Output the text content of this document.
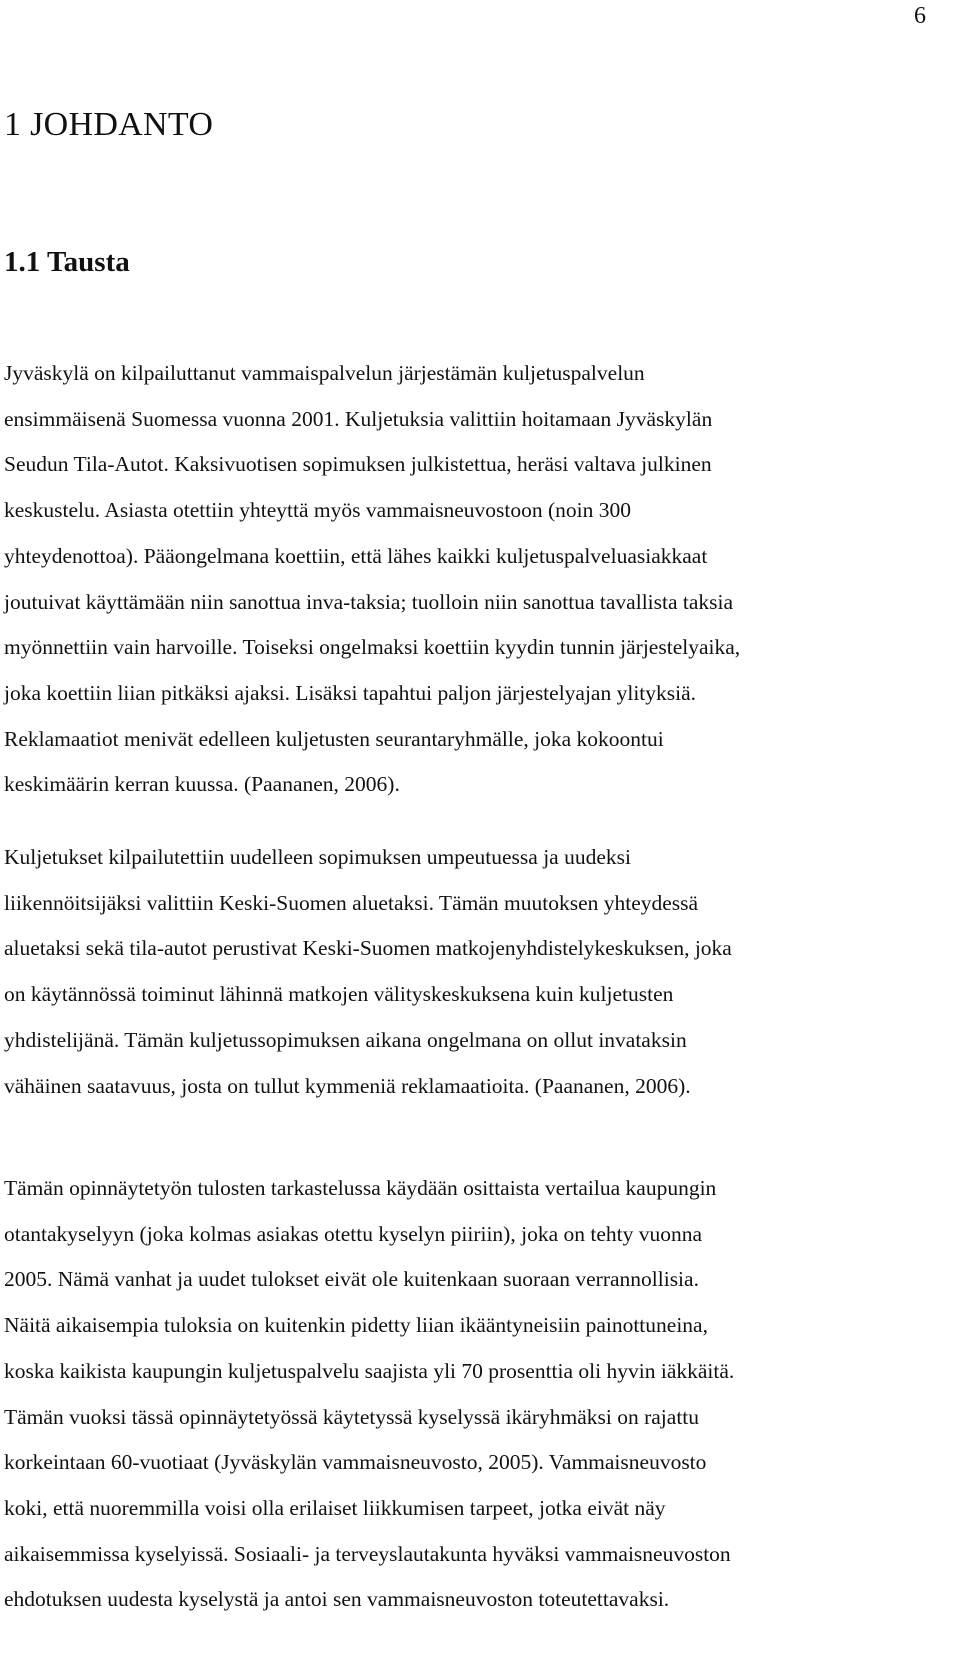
6
1 JOHDANTO
1.1 Tausta
Jyväskylä on kilpailuttanut vammaispalvelun järjestämän kuljetuspalvelun
ensimmäisenä Suomessa vuonna 2001. Kuljetuksia valittiin hoitamaan Jyväskylän
Seudun Tila-Autot. Kaksivuotisen sopimuksen julkistettua, heräsi valtava julkinen
keskustelu. Asiasta otettiin yhteyttä myös vammaisneuvostoon (noin 300
yhteydenottoa). Pääongelmana koettiin, että lähes kaikki kuljetuspalveluasiakkaat
joutuivat käyttämään niin sanottua inva-taksia; tuolloin niin sanottua tavallista taksia
myönnettiin vain harvoille. Toiseksi ongelmaksi koettiin kyydin tunnin järjestelyaika,
joka koettiin liian pitkäksi ajaksi. Lisäksi tapahtui paljon järjestelyajan ylityksiä.
Reklamaatiot menivät edelleen kuljetusten seurantaryhmälle, joka kokoontui
keskimäärin kerran kuussa. (Paananen, 2006).
Kuljetukset kilpailutettiin uudelleen sopimuksen umpeutuessa ja uudeksi
liikennöitsijäksi valittiin Keski-Suomen aluetaksi. Tämän muutoksen yhteydessä
aluetaksi sekä tila-autot perustivat Keski-Suomen matkojenyhdistelykeskuksen, joka
on käytännössä toiminut lähinnä matkojen välityskeskuksena kuin kuljetusten
yhdistelijänä. Tämän kuljetussopimuksen aikana ongelmana on ollut invataksin
vähäinen saatavuus, josta on tullut kymmeniä reklamaatioita. (Paananen, 2006).
Tämän opinnäytetyön tulosten tarkastelussa käydään osittaista vertailua kaupungin
otantakyselyyn (joka kolmas asiakas otettu kyselyn piiriin), joka on tehty vuonna
2005. Nämä vanhat ja uudet tulokset eivät ole kuitenkaan suoraan verrannollisia.
Näitä aikaisempia tuloksia on kuitenkin pidetty liian ikääntyneisiin painottuneina,
koska kaikista kaupungin kuljetuspalvelu saajista yli 70 prosenttia oli hyvin iäkkäitä.
Tämän vuoksi tässä opinnäytetyössä käytetyssä kyselyssä ikäryhmäksi on rajattu
korkeintaan 60-vuotiaat (Jyväskylän vammaisneuvosto, 2005). Vammaisneuvosto
koki, että nuoremmilla voisi olla erilaiset liikkumisen tarpeet, jotka eivät näy
aikaisemmissa kyselyissä. Sosiaali- ja terveyslautakunta hyväksi vammaisneuvoston
ehdotuksen uudesta kyselystä ja antoi sen vammaisneuvoston toteutettavaksi.
